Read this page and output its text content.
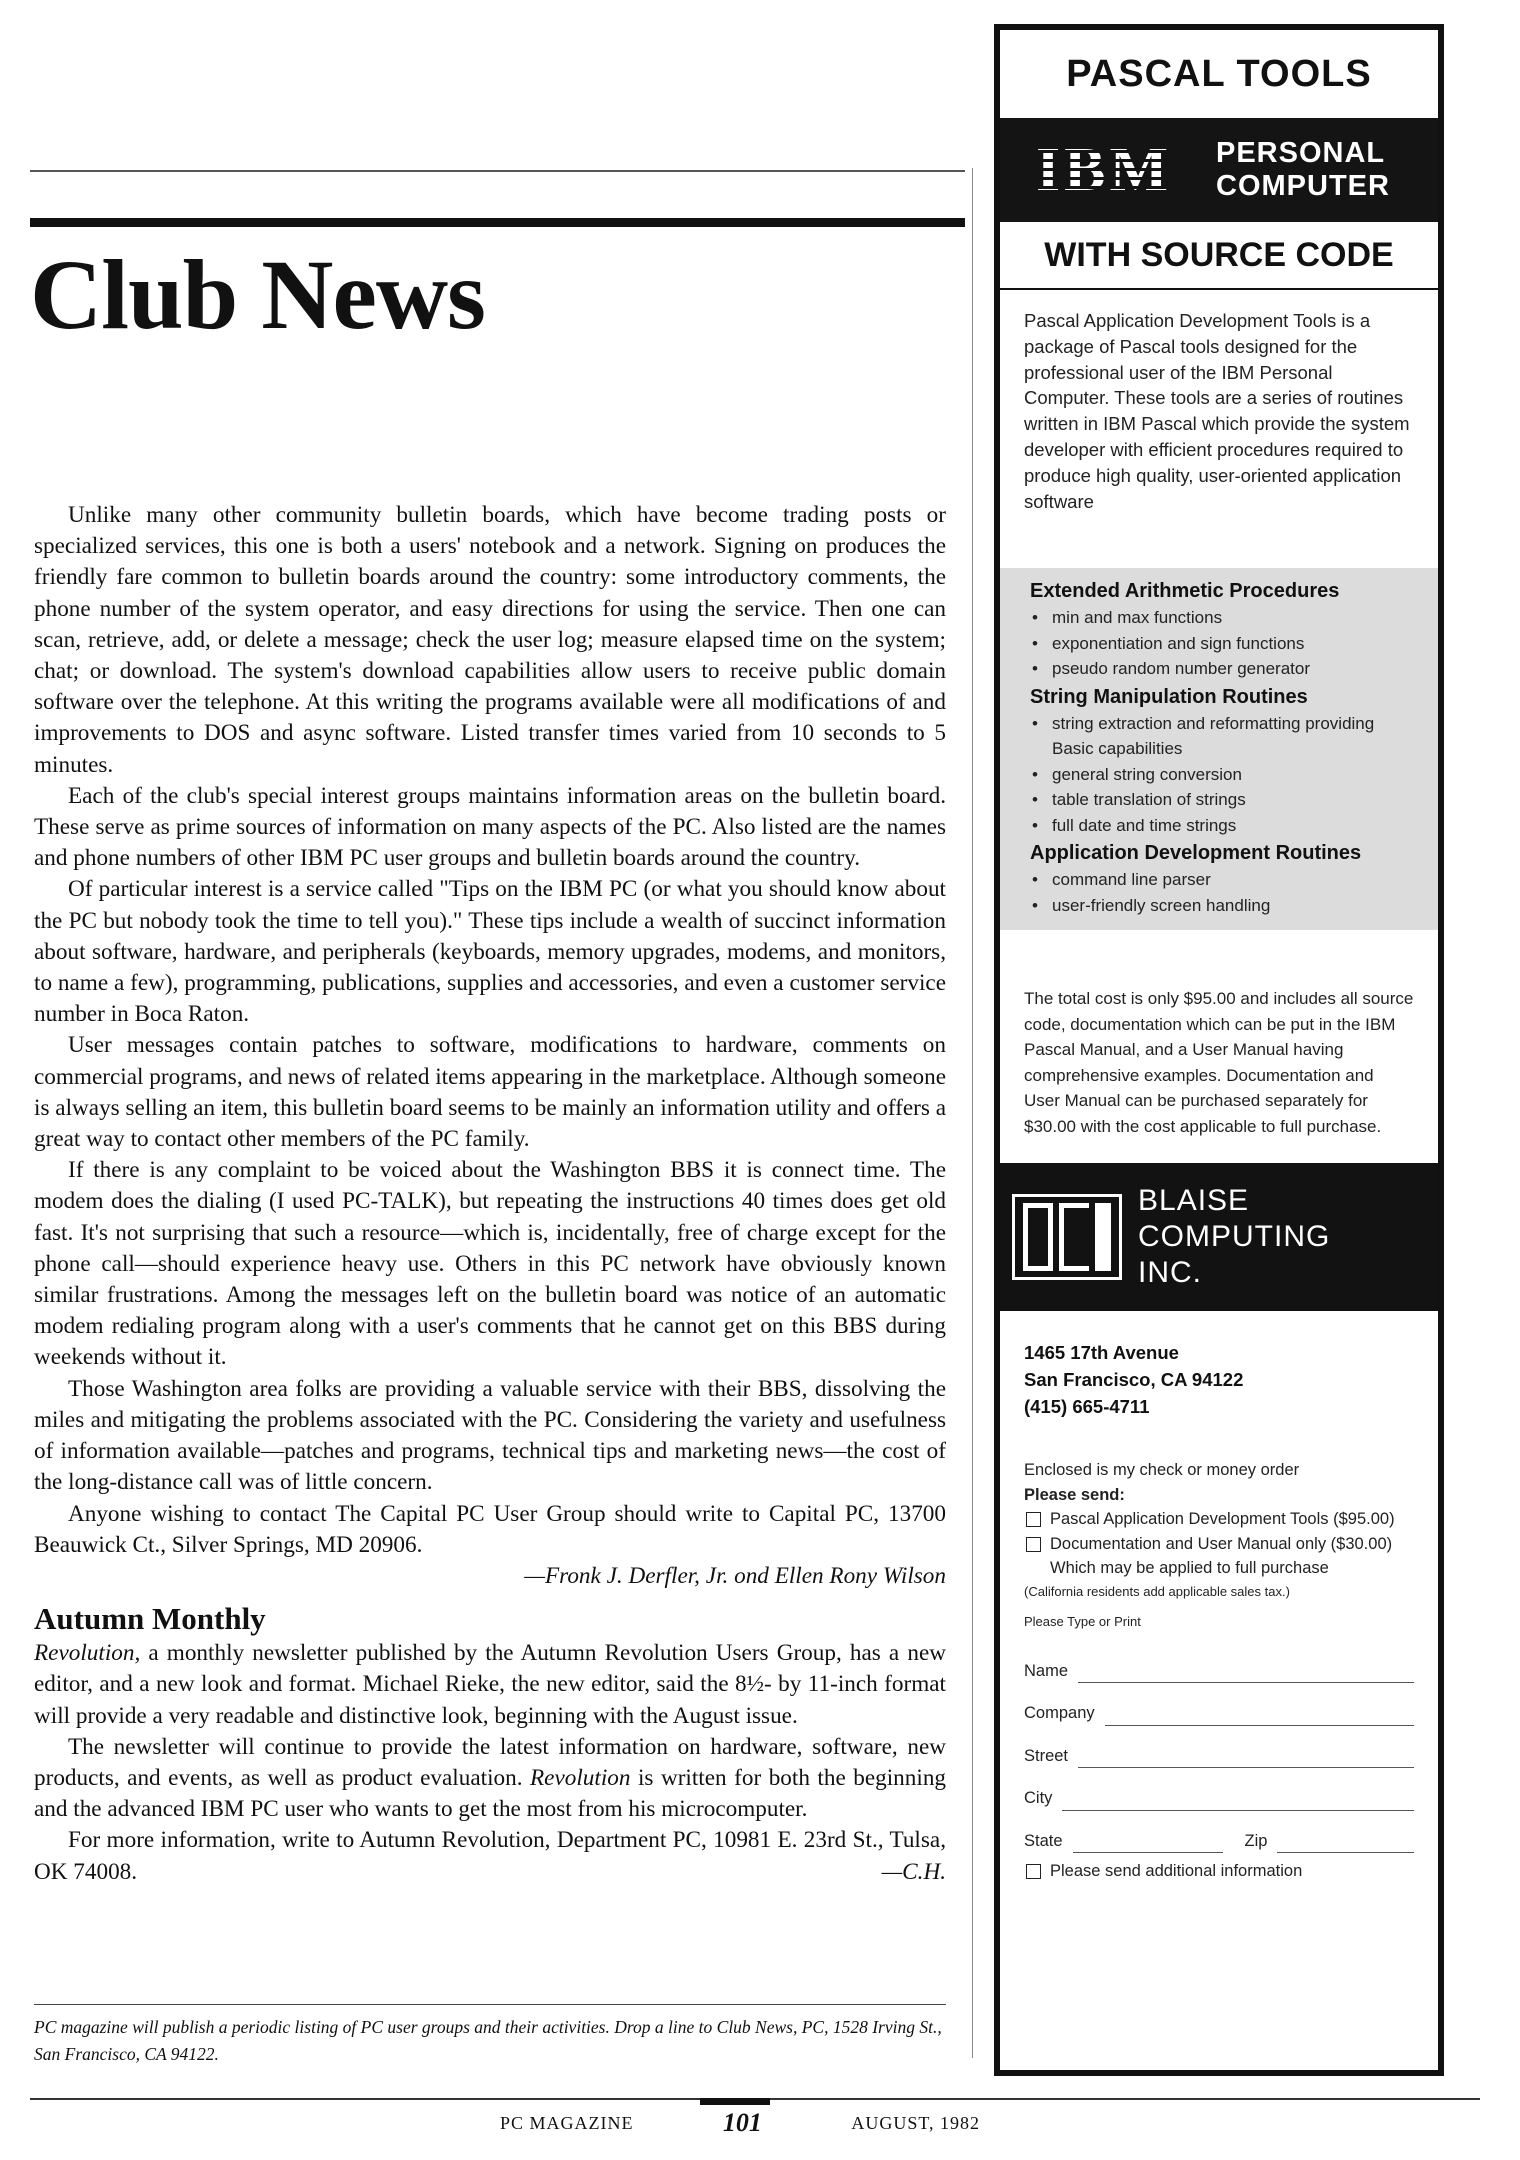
Club News

Unlike many other community bulletin boards, which have become trading posts or specialized services, this one is both a users' notebook and a network. Signing on produces the friendly fare common to bulletin boards around the country: some introductory comments, the phone number of the system operator, and easy directions for using the service. Then one can scan, retrieve, add, or delete a message; check the user log; measure elapsed time on the system; chat; or download. The system's download capabilities allow users to receive public domain software over the telephone. At this writing the programs available were all modifications of and improvements to DOS and async software. Listed transfer times varied from 10 seconds to 5 minutes.

Each of the club's special interest groups maintains information areas on the bulletin board. These serve as prime sources of information on many aspects of the PC. Also listed are the names and phone numbers of other IBM PC user groups and bulletin boards around the country.

Of particular interest is a service called "Tips on the IBM PC (or what you should know about the PC but nobody took the time to tell you)." These tips include a wealth of succinct information about software, hardware, and peripherals (keyboards, memory upgrades, modems, and monitors, to name a few), programming, publications, supplies and accessories, and even a customer service number in Boca Raton.

User messages contain patches to software, modifications to hardware, comments on commercial programs, and news of related items appearing in the marketplace. Although someone is always selling an item, this bulletin board seems to be mainly an information utility and offers a great way to contact other members of the PC family.

If there is any complaint to be voiced about the Washington BBS it is connect time. The modem does the dialing (I used PC-TALK), but repeating the instructions 40 times does get old fast. It's not surprising that such a resource—which is, incidentally, free of charge except for the phone call—should experience heavy use. Others in this PC network have obviously known similar frustrations. Among the messages left on the bulletin board was notice of an automatic modem redialing program along with a user's comments that he cannot get on this BBS during weekends without it.

Those Washington area folks are providing a valuable service with their BBS, dissolving the miles and mitigating the problems associated with the PC. Considering the variety and usefulness of information available—patches and programs, technical tips and marketing news—the cost of the long-distance call was of little concern.

Anyone wishing to contact The Capital PC User Group should write to Capital PC, 13700 Beauwick Ct., Silver Springs, MD 20906.

—Fronk J. Derfler, Jr. ond Ellen Rony Wilson

Autumn Monthly

Revolution, a monthly newsletter published by the Autumn Revolution Users Group, has a new editor, and a new look and format. Michael Rieke, the new editor, said the 8½- by 11-inch format will provide a very readable and distinctive look, beginning with the August issue.

The newsletter will continue to provide the latest information on hardware, software, new products, and events, as well as product evaluation. Revolution is written for both the beginning and the advanced IBM PC user who wants to get the most from his microcomputer.

For more information, write to Autumn Revolution, Department PC, 10981 E. 23rd St., Tulsa, OK 74008.	—C.H.

PC magazine will publish a periodic listing of PC user groups and their activities. Drop a line to Club News, PC, 1528 Irving St., San Francisco, CA 94122.

PC MAGAZINE	101	AUGUST, 1982
PASCAL TOOLS
IBM PERSONAL
COMPUTER
WITH SOURCE CODE
Pascal Application Development Tools is a package of Pascal tools designed for the professional user of the IBM Personal Computer. These tools are a series of routines written in IBM Pascal which provide the system developer with efficient procedures required to produce high quality, user-oriented application software
Extended Arithmetic Procedures
• min and max functions
• exponentiation and sign functions
• pseudo random number generator
String Manipulation Routines
• string extraction and reformatting providing Basic capabilities
• general string conversion
• table translation of strings
• full date and time strings
Application Development Routines
• command line parser
• user-friendly screen handling
The total cost is only $95.00 and includes all source code, documentation which can be put in the IBM Pascal Manual, and a User Manual having comprehensive examples. Documentation and User Manual can be purchased separately for $30.00 with the cost applicable to full purchase.
BLAISE
COMPUTING
INC.
1465 17th Avenue
San Francisco, CA 94122
(415) 665-4711
Enclosed is my check or money order
Please send:
Pascal Application Development Tools ($95.00)
Documentation and User Manual only ($30.00)
Which may be applied to full purchase
(California residents add applicable sales tax.)
Please Type or Print
Name
Company
Street
City
State	Zip
Please send additional information
